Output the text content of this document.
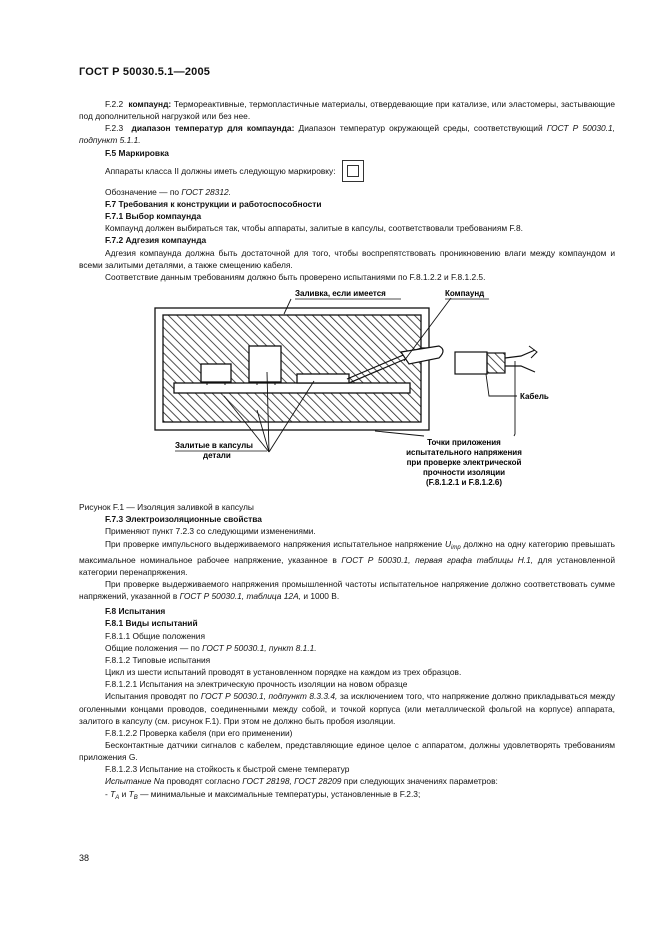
ГОСТ Р 50030.5.1—2005

F.2.2 компаунд: Термореактивные, термопластичные материалы, отвердевающие при катализе, или эластомеры, застывающие под дополнительной нагрузкой или без нее.

F.2.3 диапазон температур для компаунда: Диапазон температур окружающей среды, соответствующий ГОСТ Р 50030.1, подпункт 5.1.1.

F.5 Маркировка

Аппараты класса II должны иметь следующую маркировку:

Обозначение — по ГОСТ 28312.

F.7 Требования к конструкции и работоспособности

F.7.1 Выбор компаунда

Компаунд должен выбираться так, чтобы аппараты, залитые в капсулы, соответствовали требованиям F.8.

F.7.2 Адгезия компаунда

Адгезия компаунда должна быть достаточной для того, чтобы воспрепятствовать проникновению влаги между компаундом и всеми залитыми деталями, а также смещению кабеля.

Соответствие данным требованиям должно быть проверено испытаниями по F.8.1.2.2 и F.8.1.2.5.

Заливка, если имеется	Компаунд
Кабель
Залитые в капсулы
детали
Точки приложения
испытательного напряжения
при проверке электрической
прочности изоляции
(F.8.1.2.1 и F.8.1.2.6)

Рисунок F.1 — Изоляция заливкой в капсулы

F.7.3 Электроизоляционные свойства

Применяют пункт 7.2.3 со следующими изменениями.

При проверке импульсного выдерживаемого напряжения испытательное напряжение $U_{imp}$ должно на одну категорию превышать максимальное номинальное рабочее напряжение, указанное в ГОСТ Р 50030.1, первая графа таблицы Н.1, для установленной категории перенапряжения.

При проверке выдерживаемого напряжения промышленной частоты испытательное напряжение должно соответствовать сумме напряжений, указанной в ГОСТ Р 50030.1, таблица 12А, и 1000 В.

F.8 Испытания

F.8.1 Виды испытаний

F.8.1.1 Общие положения

Общие положения — по ГОСТ Р 50030.1, пункт 8.1.1.

F.8.1.2 Типовые испытания

Цикл из шести испытаний проводят в установленном порядке на каждом из трех образцов.

F.8.1.2.1 Испытания на электрическую прочность изоляции на новом образце

Испытания проводят по ГОСТ Р 50030.1, подпункт 8.3.3.4, за исключением того, что напряжение должно прикладываться между оголенными концами проводов, соединенными между собой, и точкой корпуса (или металлической фольгой на корпусе) аппарата, залитого в капсулу (см. рисунок F.1). При этом не должно быть пробоя изоляции.

F.8.1.2.2 Проверка кабеля (при его применении)

Бесконтактные датчики сигналов с кабелем, представляющие единое целое с аппаратом, должны удовлетворять требованиям приложения G.

F.8.1.2.3 Испытание на стойкость к быстрой смене температур

Испытание Na проводят согласно ГОСТ 28198, ГОСТ 28209 при следующих значениях параметров:

- $T_A$ и $T_B$ — минимальные и максимальные температуры, установленные в F.2.3;

38
